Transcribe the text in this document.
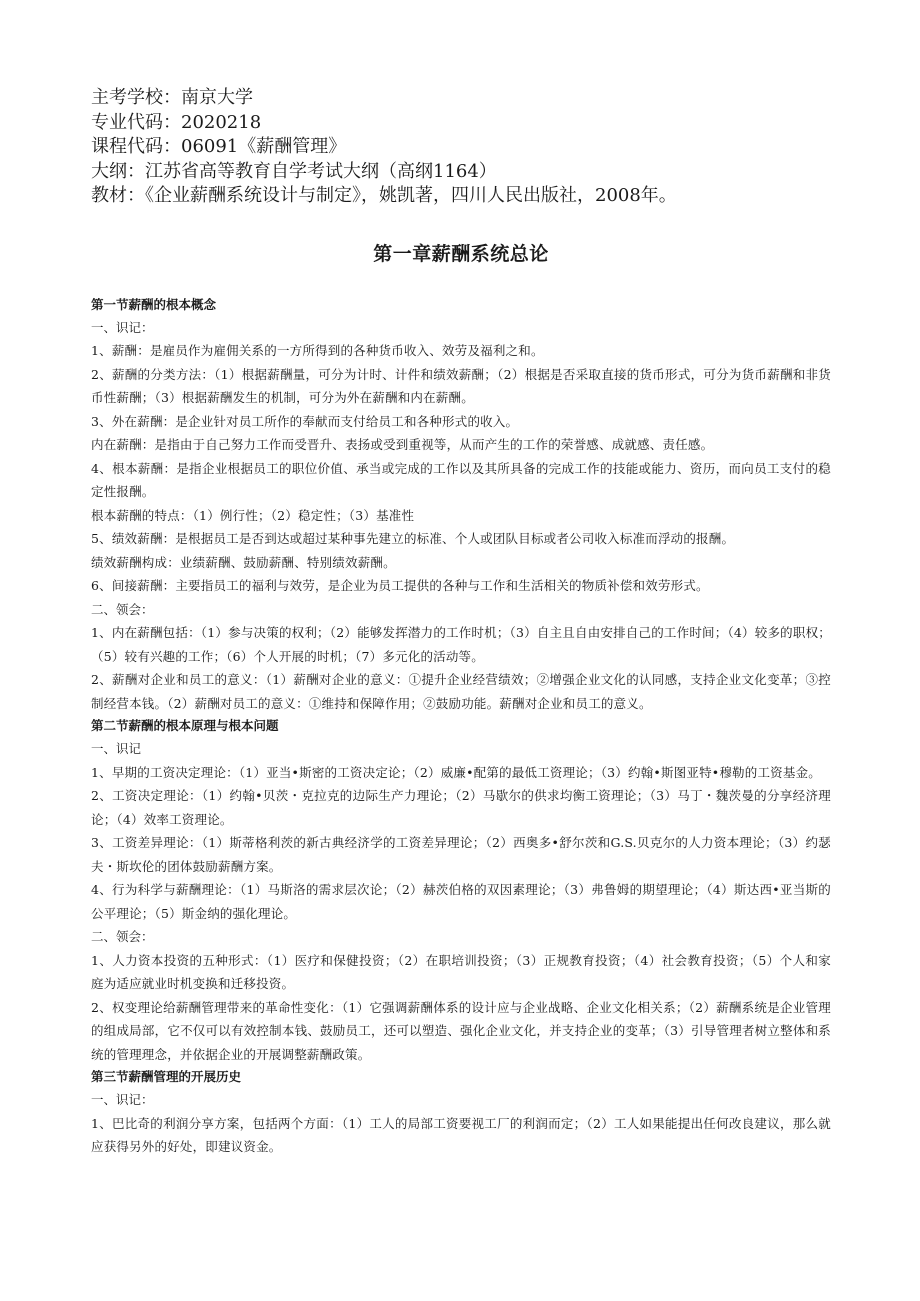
主考学校：南京大学
专业代码：2020218
课程代码：06091《薪酬管理》
大纲：江苏省高等教育自学考试大纲（高纲1164）
教材：《企业薪酬系统设计与制定》，姚凯著，四川人民出版社，2008年。
第一章薪酬系统总论
第一节薪酬的根本概念
一、识记：
1、薪酬：是雇员作为雇佣关系的一方所得到的各种货币收入、效劳及福利之和。
2、薪酬的分类方法：（1）根据薪酬量，可分为计时、计件和绩效薪酬；（2）根据是否采取直接的货币形式，可分为货币薪酬和非货币性薪酬；（3）根据薪酬发生的机制，可分为外在薪酬和内在薪酬。
3、外在薪酬：是企业针对员工所作的奉献而支付给员工和各种形式的收入。
内在薪酬：是指由于自己努力工作而受晋升、表扬或受到重视等，从而产生的工作的荣誉感、成就感、责任感。
4、根本薪酬：是指企业根据员工的职位价值、承当或完成的工作以及其所具备的完成工作的技能或能力、资历，而向员工支付的稳定性报酬。
根本薪酬的特点：（1）例行性；（2）稳定性；（3）基准性
5、绩效薪酬：是根据员工是否到达或超过某种事先建立的标准、个人或团队目标或者公司收入标准而浮动的报酬。
绩效薪酬构成：业绩薪酬、鼓励薪酬、特别绩效薪酬。
6、间接薪酬：主要指员工的福利与效劳，是企业为员工提供的各种与工作和生活相关的物质补偿和效劳形式。
二、领会：
1、内在薪酬包括：（1）参与决策的权利；（2）能够发挥潜力的工作时机；（3）自主且自由安排自己的工作时间；（4）较多的职权；（5）较有兴趣的工作；（6）个人开展的时机；（7）多元化的活动等。
2、薪酬对企业和员工的意义：（1）薪酬对企业的意义：①提升企业经营绩效；②增强企业文化的认同感，支持企业文化变革；③控制经营本钱。（2）薪酬对员工的意义：①维持和保障作用；②鼓励功能。薪酬对企业和员工的意义。
第二节薪酬的根本原理与根本问题
一、识记
1、早期的工资决定理论：（1）亚当•斯密的工资决定论；（2）威廉•配第的最低工资理论；（3）约翰•斯图亚特•穆勒的工资基金。
2、工资决定理论：（1）约翰•贝茨・克拉克的边际生产力理论；（2）马歇尔的供求均衡工资理论；（3）马丁・魏茨曼的分享经济理论；（4）效率工资理论。
3、工资差异理论：（1）斯蒂格利茨的新古典经济学的工资差异理论；（2）西奥多•舒尔茨和G.S.贝克尔的人力资本理论；（3）约瑟夫・斯坎伦的团体鼓励薪酬方案。
4、行为科学与薪酬理论：（1）马斯洛的需求层次论；（2）赫茨伯格的双因素理论；（3）弗鲁姆的期望理论；（4）斯达西•亚当斯的公平理论；（5）斯金纳的强化理论。
二、领会：
1、人力资本投资的五种形式：（1）医疗和保健投资；（2）在职培训投资；（3）正规教育投资；（4）社会教育投资；（5）个人和家庭为适应就业时机变换和迁移投资。
2、权变理论给薪酬管理带来的革命性变化：（1）它强调薪酬体系的设计应与企业战略、企业文化相关系；（2）薪酬系统是企业管理的组成局部，它不仅可以有效控制本钱、鼓励员工，还可以塑造、强化企业文化，并支持企业的变革；（3）引导管理者树立整体和系统的管理理念，并依据企业的开展调整薪酬政策。
第三节薪酬管理的开展历史
一、识记：
1、巴比奇的利润分享方案，包括两个方面：（1）工人的局部工资要视工厂的利润而定；（2）工人如果能提出任何改良建议，那么就应获得另外的好处，即建议资金。
